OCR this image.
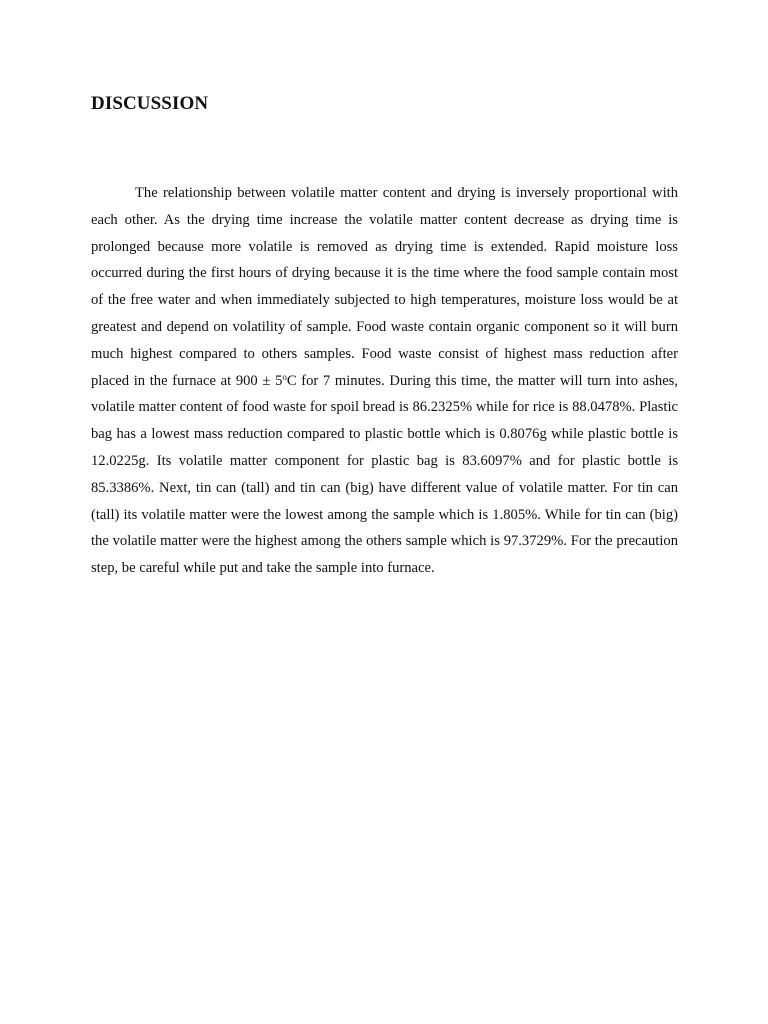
DISCUSSION

The relationship between volatile matter content and drying is inversely proportional with each other. As the drying time increase the volatile matter content decrease as drying time is prolonged because more volatile is removed as drying time is extended. Rapid moisture loss occurred during the first hours of drying because it is the time where the food sample contain most of the free water and when immediately subjected to high temperatures, moisture loss would be at greatest and depend on volatility of sample. Food waste contain organic component so it will burn much highest compared to others samples. Food waste consist of highest mass reduction after placed in the furnace at $900 \pm 5^oC$ for 7 minutes. During this time, the matter will turn into ashes, volatile matter content of food waste for spoil bread is 86.2325% while for rice is 88.0478%. Plastic bag has a lowest mass reduction compared to plastic bottle which is 0.8076g while plastic bottle is 12.0225g. Its volatile matter component for plastic bag is 83.6097% and for plastic bottle is 85.3386%. Next, tin can (tall) and tin can (big) have different value of volatile matter. For tin can (tall) its volatile matter were the lowest among the sample which is 1.805%. While for tin can (big) the volatile matter were the highest among the others sample which is 97.3729%. For the precaution step, be careful while put and take the sample into furnace.
